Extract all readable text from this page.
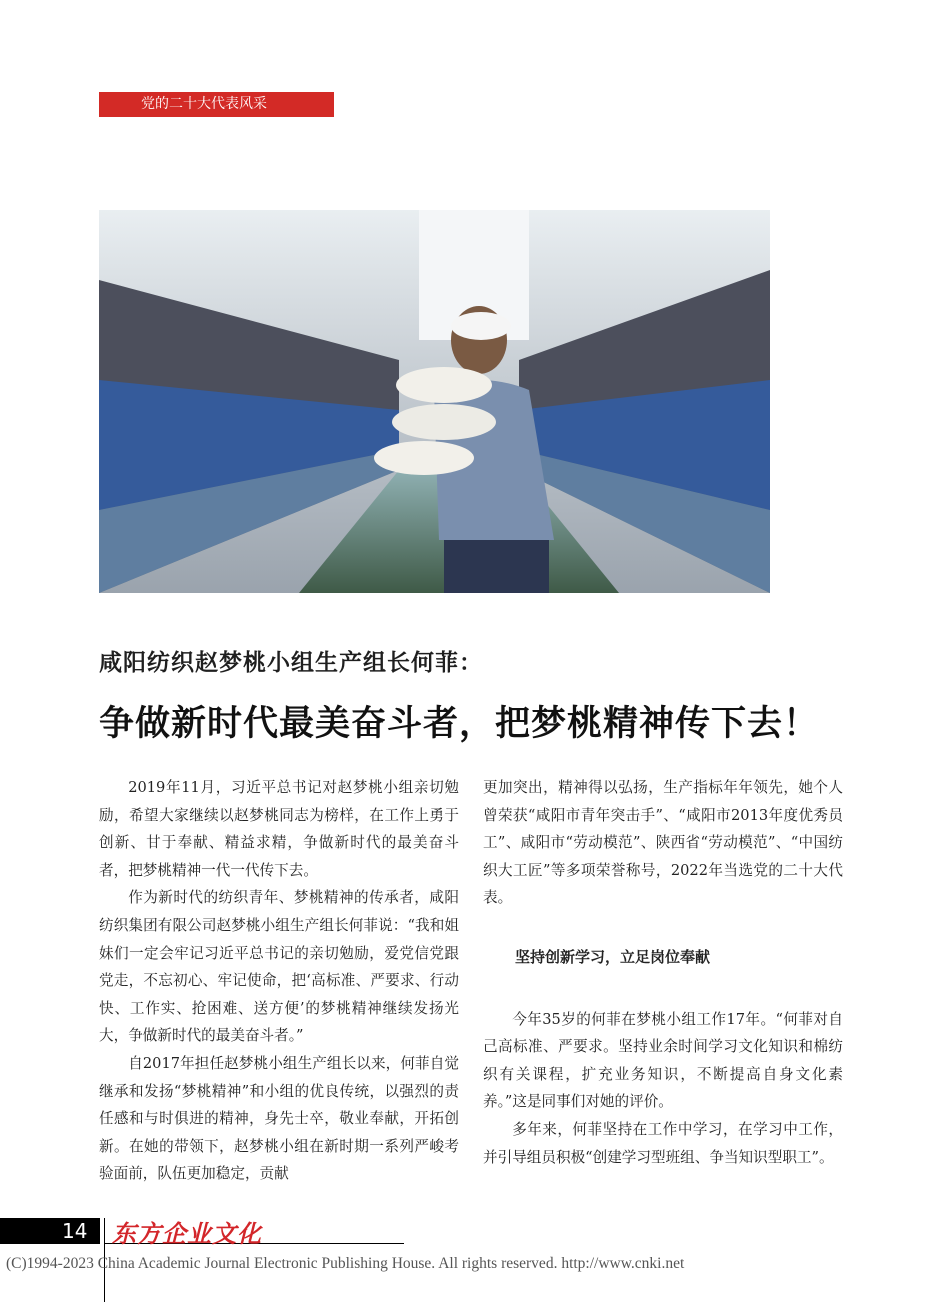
党的二十大代表风采
咸阳纺织赵梦桃小组生产组长何菲：
争做新时代最美奋斗者，把梦桃精神传下去！

2019年11月，习近平总书记对赵梦桃小组亲切勉励，希望大家继续以赵梦桃同志为榜样，在工作上勇于创新、甘于奉献、精益求精，争做新时代的最美奋斗者，把梦桃精神一代一代传下去。

作为新时代的纺织青年、梦桃精神的传承者，咸阳纺织集团有限公司赵梦桃小组生产组长何菲说：“我和姐妹们一定会牢记习近平总书记的亲切勉励，爱党信党跟党走，不忘初心、牢记使命，把‘高标准、严要求、行动快、工作实、抢困难、送方便’的梦桃精神继续发扬光大，争做新时代的最美奋斗者。”

自2017年担任赵梦桃小组生产组长以来，何菲自觉继承和发扬“梦桃精神”和小组的优良传统，以强烈的责任感和与时俱进的精神，身先士卒，敬业奉献，开拓创新。在她的带领下，赵梦桃小组在新时期一系列严峻考验面前，队伍更加稳定，贡献

更加突出，精神得以弘扬，生产指标年年领先，她个人曾荣获“咸阳市青年突击手”、“咸阳市2013年度优秀员工”、咸阳市“劳动模范”、陕西省“劳动模范”、“中国纺织大工匠”等多项荣誉称号，2022年当选党的二十大代表。

坚持创新学习，立足岗位奉献

今年35岁的何菲在梦桃小组工作17年。“何菲对自己高标准、严要求。坚持业余时间学习文化知识和棉纺织有关课程，扩充业务知识，不断提高自身文化素养。”这是同事们对她的评价。

多年来，何菲坚持在工作中学习，在学习中工作，并引导组员积极“创建学习型班组、争当知识型职工”。

14 东方企业文化
(C)1994-2023 China Academic Journal Electronic Publishing House. All rights reserved. http://www.cnki.net
